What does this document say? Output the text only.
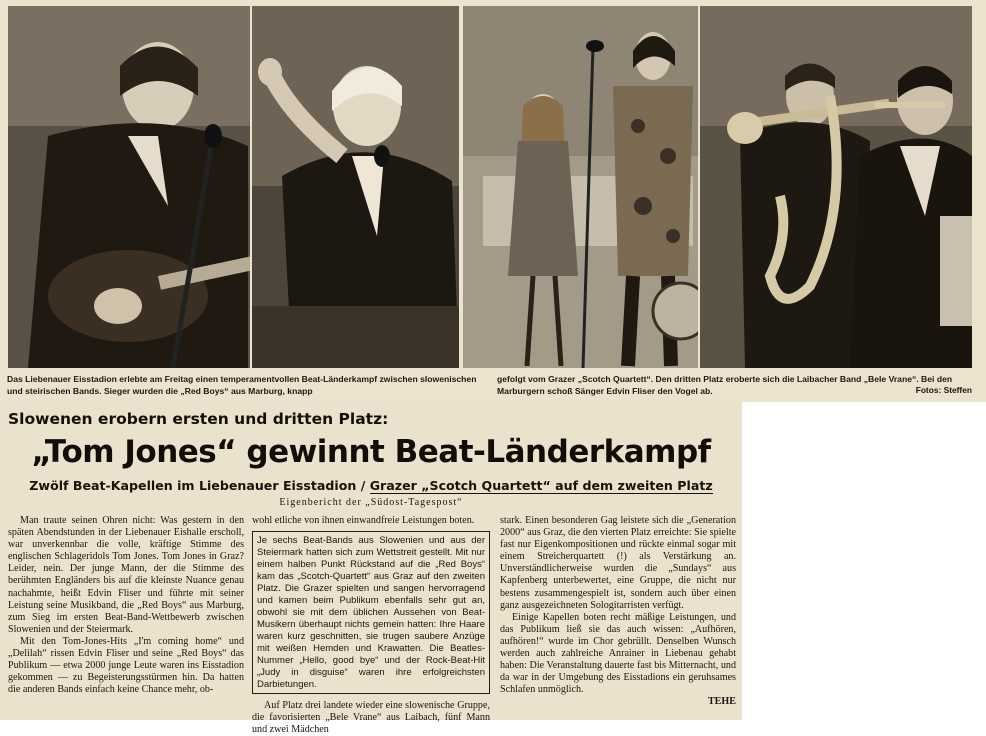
Das Liebenauer Eisstadion erlebte am Freitag einen temperamentvollen Beat-Länderkampf zwischen slowenischen und steirischen Bands. Sieger wurden die „Red Boys“ aus Marburg, knapp
gefolgt vom Grazer „Scotch Quartett“. Den dritten Platz eroberte sich die Laibacher Band „Bele Vrane“. Bei den Marburgern schoß Sänger Edvin Fliser den Vogel ab.	Fotos: Steffen
Slowenen erobern ersten und dritten Platz:
„Tom Jones“ gewinnt Beat-Länderkampf
Zwölf Beat-Kapellen im Liebenauer Eisstadion / Grazer „Scotch Quartett“ auf dem zweiten Platz
Eigenbericht der „Südost-Tagespost“

Man traute seinen Ohren nicht: Was gestern in den späten Abendstunden in der Liebenauer Eishalle erscholl, war unverkennbar die volle, kräftige Stimme des englischen Schlageridols Tom Jones. Tom Jones in Graz? Leider, nein. Der junge Mann, der die Stimme des berühmten Engländers bis auf die kleinste Nuance genau nachahmte, heißt Edvin Fliser und führte mit seiner Leistung seine Musikband, die „Red Boys“ aus Marburg, zum Sieg im ersten Beat-Band-Wettbewerb zwischen Slowenien und der Steiermark.

Mit den Tom-Jones-Hits „I'm coming home“ und „Delilah“ rissen Edvin Fliser und seine „Red Boys“ das Publikum — etwa 2000 junge Leute waren ins Eisstadion gekommen — zu Begeisterungsstürmen hin. Da hatten die anderen Bands einfach keine Chance mehr, ob-

wohl etliche von ihnen einwandfreie Leistungen boten.

Je sechs Beat-Bands aus Slowenien und aus der Steiermark hatten sich zum Wettstreit gestellt. Mit nur einem halben Punkt Rückstand auf die „Red Boys“ kam das „Scotch-Quartett“ aus Graz auf den zweiten Platz. Die Grazer spielten und sangen hervorragend und kamen beim Publikum ebenfalls sehr gut an, obwohl sie mit dem üblichen Aussehen von Beat-Musikern überhaupt nichts gemein hatten: Ihre Haare waren kurz geschnitten, sie trugen saubere Anzüge mit weißen Hemden und Krawatten. Die Beatles-Nummer „Hello, good bye“ und der Rock-Beat-Hit „Judy in disguise“ waren ihre erfolgreichsten Darbietungen.

Auf Platz drei landete wieder eine slowenische Gruppe, die favorisierten „Bele Vrane“ aus Laibach, fünf Mann und zwei Mädchen

stark. Einen besonderen Gag leistete sich die „Generation 2000“ aus Graz, die den vierten Platz erreichte: Sie spielte fast nur Eigenkompositionen und rückte einmal sogar mit einem Streicherquartett (!) als Verstärkung an. Unverständlicherweise wurden die „Sundays“ aus Kapfenberg unterbewertet, eine Gruppe, die nicht nur bestens zusammengespielt ist, sondern auch über einen ganz ausgezeichneten Sologitarristen verfügt.

Einige Kapellen boten recht mäßige Leistungen, und das Publikum ließ sie das auch wissen: „Aufhören, aufhören!“ wurde im Chor gebrüllt. Denselben Wunsch werden auch zahlreiche Anrainer in Liebenau gehabt haben: Die Veranstaltung dauerte fast bis Mitternacht, und da war in der Umgebung des Eisstadions ein geruhsames Schlafen unmöglich.

TEHE
